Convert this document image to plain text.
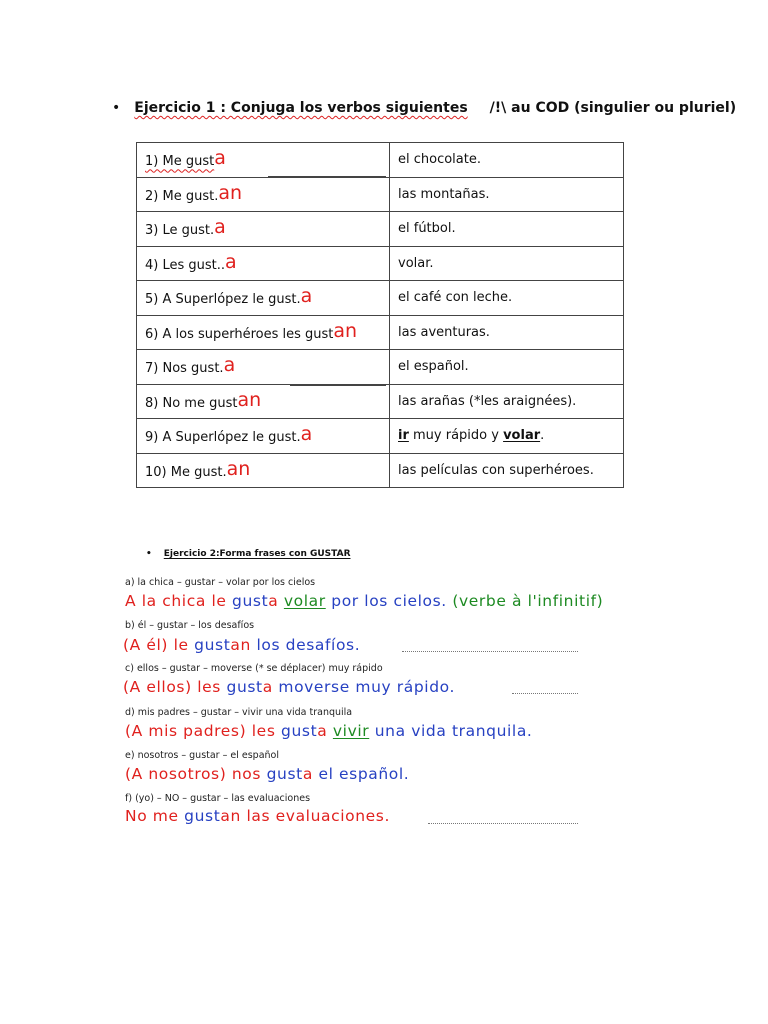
• Ejercicio 1 : Conjuga los verbos siguientes /!\ au COD (singulier ou pluriel)
1) Me gusta	el chocolate.
2) Me gust.an	las montañas.
3) Le gust.a	el fútbol.
4) Les gust..a	volar.
5) A Superlópez le gust.a	el café con leche.
6) A los superhéroes les gustan	las aventuras.
7) Nos gust.a	el español.
8) No me gustan	las arañas (*les araignées).
9) A Superlópez le gust.a	ir muy rápido y volar.
10) Me gust.an	las películas con superhéroes.
• Ejercicio 2:Forma frases con GUSTAR
a) la chica – gustar – volar por los cielos
A la chica le gusta volar por los cielos. (verbe à l'infinitif)
b) él – gustar – los desafíos
(A él) le gustan los desafíos.
c) ellos – gustar – moverse (* se déplacer) muy rápido
(A ellos) les gusta moverse muy rápido.
d) mis padres – gustar – vivir una vida tranquila
(A mis padres) les gusta vivir una vida tranquila.
e) nosotros – gustar – el español
(A nosotros) nos gusta el español.
f) (yo) – NO – gustar – las evaluaciones
No me gustan las evaluaciones.
